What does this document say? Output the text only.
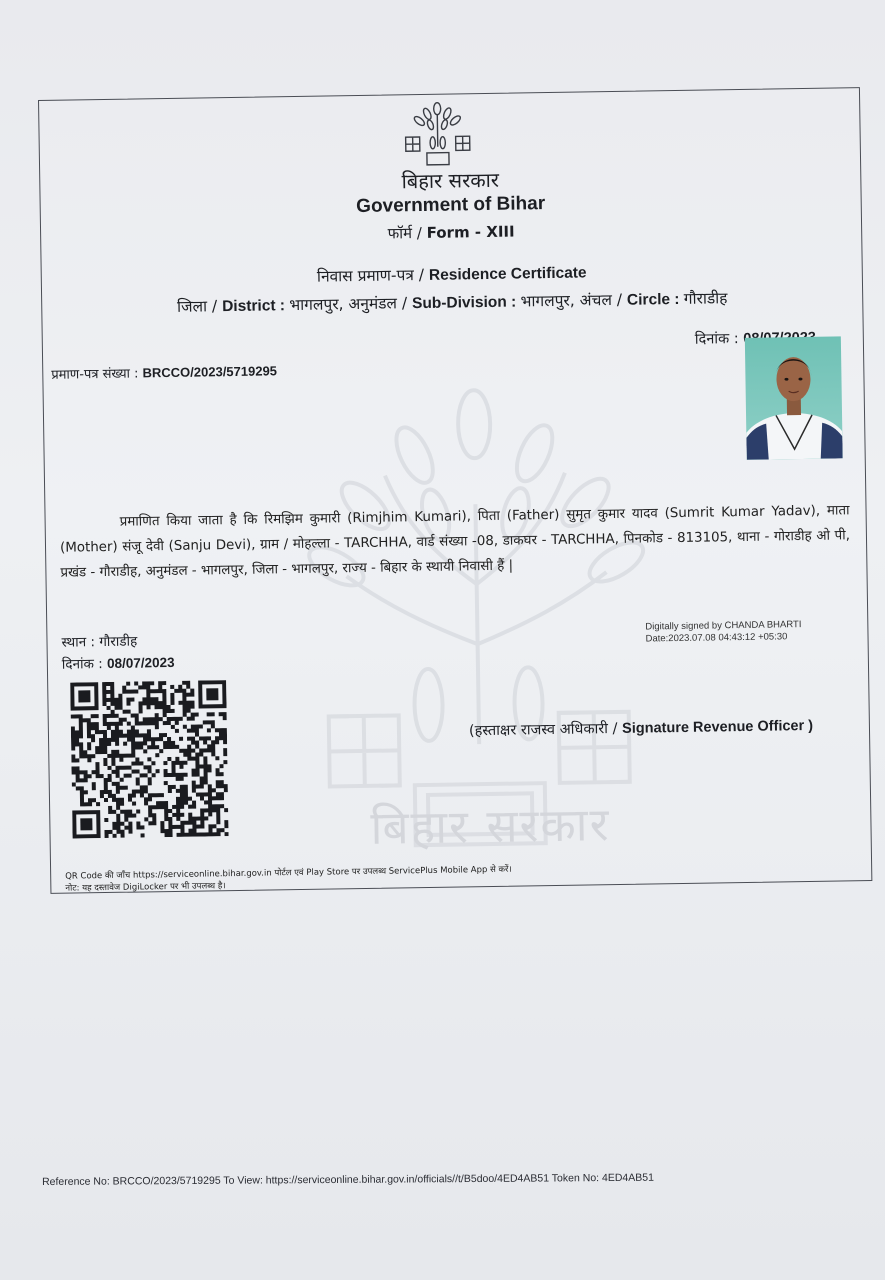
बिहार सरकार
बिहार सरकार
Government of Bihar
फॉर्म / Form - XIII
निवास प्रमाण-पत्र / Residence Certificate
जिला / District : भागलपुर, अनुमंडल / Sub-Division : भागलपुर, अंचल / Circle : गौराडीह
दिनांक :
प्रमाण-पत्र संख्या : BRCCO/2023/5719295
प्रमाणित किया जाता है कि रिमझिम कुमारी (Rimjhim Kumari), पिता (Father) सुमृत कुमार यादव (Sumrit Kumar Yadav), माता (Mother) संजू देवी (Sanju Devi), ग्राम / मोहल्ला - TARCHHA, वार्ड संख्या -08, डाकघर - TARCHHA, पिनकोड - 813105, थाना - गोराडीह ओ पी, प्रखंड - गौराडीह, अनुमंडल - भागलपुर, जिला - भागलपुर, राज्य - बिहार के स्थायी निवासी हैं |
स्थान : गौराडीह
दिनांक : 08/07/2023
Digitally signed by CHANDA BHARTI
Date:2023.07.08 04:43:12 +05:30
(हस्ताक्षर राजस्व अधिकारी / Signature Revenue Officer )
QR Code की जाँच https://serviceonline.bihar.gov.in पोर्टल एवं Play Store पर उपलब्ध ServicePlus Mobile App से करें।
नोट: यह दस्तावेज DigiLocker पर भी उपलब्ध है।
Reference No: BRCCO/2023/5719295 To View: https://serviceonline.bihar.gov.in/officials//t/B5doo/4ED4AB51 Token No: 4ED4AB51
